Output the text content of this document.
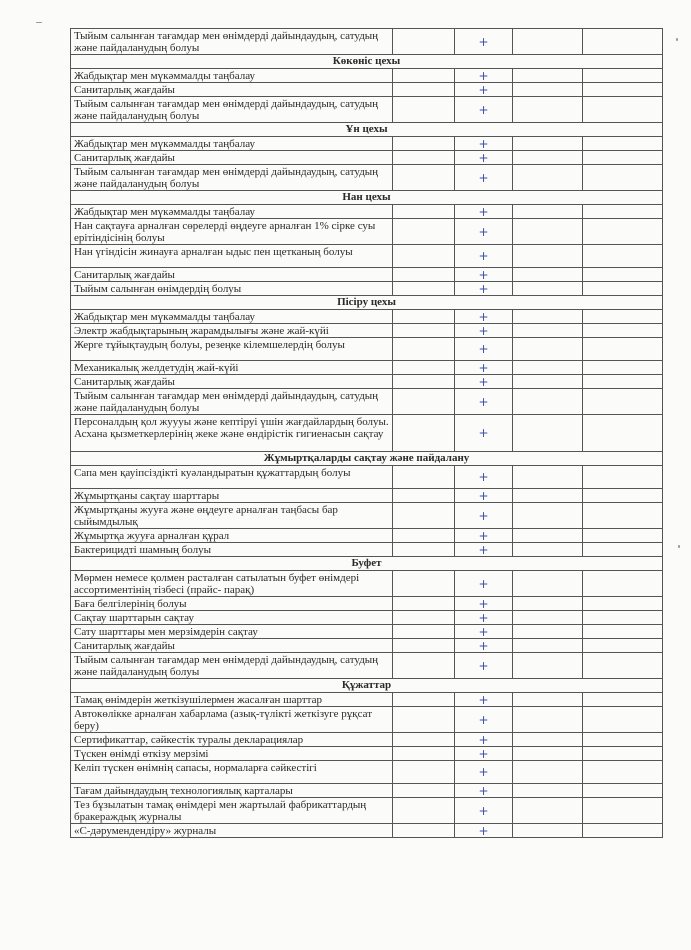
Тыйым салынған тағамдар мен өнімдерді дайындаудың, сатудың және пайдаланудың болуы		+		
Көкөніс цехы				
Жабдықтар мен мүкәммалды таңбалау		+		
Санитарлық жағдайы		+		
Тыйым салынған тағамдар мен өнімдерді дайындаудың, сатудың және пайдаланудың болуы		+		
Ұн цехы				
Жабдықтар мен мүкәммалды таңбалау		+		
Санитарлық жағдайы		+		
Тыйым салынған тағамдар мен өнімдерді дайындаудың, сатудың және пайдаланудың болуы		+		
Нан цехы				
Жабдықтар мен мүкәммалды таңбалау		+		
Нан сақтауға арналған сөрелерді өңдеуге арналған 1% сірке суы ерітіндісінің болуы		+		
Нан үгіндісін жинауға арналған ыдыс пен щетканың болуы		+		
Санитарлық жағдайы		+		
Тыйым салынған өнімдердің болуы		+		
Пісіру цехы				
Жабдықтар мен мүкәммалды таңбалау		+		
Электр жабдықтарының жарамдылығы және жай-күйі		+		
Жерге тұйықтаудың болуы, резеңке кілемшелердің болуы		+		
Механикалық желдетудің жай-күйі		+		
Санитарлық жағдайы		+		
Тыйым салынған тағамдар мен өнімдерді дайындаудың, сатудың және пайдаланудың болуы		+		
Персоналдың қол жуууы және кептіруі үшін жағдайлардың болуы. Асхана қызметкерлерінің жеке және өндірістік гигиенасын сақтау		+		
Жұмыртқаларды сақтау және пайдалану				
Сапа мен қауіпсіздікті куәландыратын құжаттардың болуы		+		
Жұмыртқаны сақтау шарттары		+		
Жұмыртқаны жууға және өңдеуге арналған таңбасы бар сыйымдылық		+		
Жұмыртқа жууға арналған құрал		+		
Бактерицидті шамның болуы		+		
Буфет				
Мөрмен немесе қолмен расталған сатылатын буфет өнімдері ассортиментінің тізбесі (прайс- парақ)		+		
Баға белгілерінің болуы		+		
Сақтау шарттарын сақтау		+		
Сату шарттары мен мерзімдерін сақтау		+		
Санитарлық жағдайы		+		
Тыйым салынған тағамдар мен өнімдерді дайындаудың, сатудың және пайдаланудың болуы		+		
Құжаттар				
Тамақ өнімдерін жеткізушілермен жасалған шарттар		+		
Автокөлікке арналған хабарлама (азық-түлікті жеткізуге рұқсат беру)		+		
Сертификаттар, сәйкестік туралы декларациялар		+		
Түскен өнімді өткізу мерзімі		+		
Келіп түскен өнімнің сапасы, нормаларға сәйкестігі		+		
Тағам дайындаудың технологиялық карталары		+		
Тез бұзылатын тамақ өнімдері мен жартылай фабрикаттардың бракераждық журналы		+		
«С-дәрумендендіру» журналы		+		
